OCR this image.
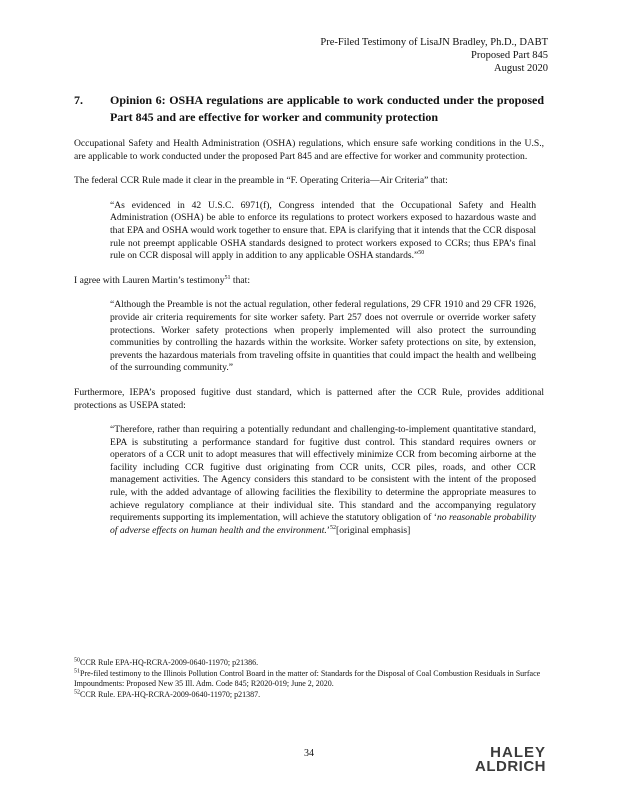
Pre-Filed Testimony of LisaJN Bradley, Ph.D., DABT
Proposed Part 845
August 2020
7. Opinion 6: OSHA regulations are applicable to work conducted under the proposed Part 845 and are effective for worker and community protection

Occupational Safety and Health Administration (OSHA) regulations, which ensure safe working conditions in the U.S., are applicable to work conducted under the proposed Part 845 and are effective for worker and community protection.

The federal CCR Rule made it clear in the preamble in “F. Operating Criteria—Air Criteria” that:

“As evidenced in 42 U.S.C. 6971(f), Congress intended that the Occupational Safety and Health Administration (OSHA) be able to enforce its regulations to protect workers exposed to hazardous waste and that EPA and OSHA would work together to ensure that. EPA is clarifying that it intends that the CCR disposal rule not preempt applicable OSHA standards designed to protect workers exposed to CCRs; thus EPA’s final rule on CCR disposal will apply in addition to any applicable OSHA standards.”$^{50}$

I agree with Lauren Martin’s testimony$^{51}$ that:

“Although the Preamble is not the actual regulation, other federal regulations, 29 CFR 1910 and 29 CFR 1926, provide air criteria requirements for site worker safety. Part 257 does not overrule or override worker safety protections. Worker safety protections when properly implemented will also protect the surrounding communities by controlling the hazards within the worksite. Worker safety protections on site, by extension, prevents the hazardous materials from traveling offsite in quantities that could impact the health and wellbeing of the surrounding community.”

Furthermore, IEPA’s proposed fugitive dust standard, which is patterned after the CCR Rule, provides additional protections as USEPA stated:

“Therefore, rather than requiring a potentially redundant and challenging-to-implement quantitative standard, EPA is substituting a performance standard for fugitive dust control. This standard requires owners or operators of a CCR unit to adopt measures that will effectively minimize CCR from becoming airborne at the facility including CCR fugitive dust originating from CCR units, CCR piles, roads, and other CCR management activities. The Agency considers this standard to be consistent with the intent of the proposed rule, with the added advantage of allowing facilities the flexibility to determine the appropriate measures to achieve regulatory compliance at their individual site. This standard and the accompanying regulatory requirements supporting its implementation, will achieve the statutory obligation of ‘no reasonable probability of adverse effects on human health and the environment.’$^{52}$[original emphasis]

$^{50}$CCR Rule EPA-HQ-RCRA-2009-0640-11970; p21386.
$^{51}$Pre-filed testimony to the Illinois Pollution Control Board in the matter of: Standards for the Disposal of Coal Combustion Residuals in Surface Impoundments: Proposed New 35 Ill. Adm. Code 845; R2020-019; June 2, 2020.
$^{52}$CCR Rule. EPA-HQ-RCRA-2009-0640-11970; p21387.
34	HALEY
ALDRICH
